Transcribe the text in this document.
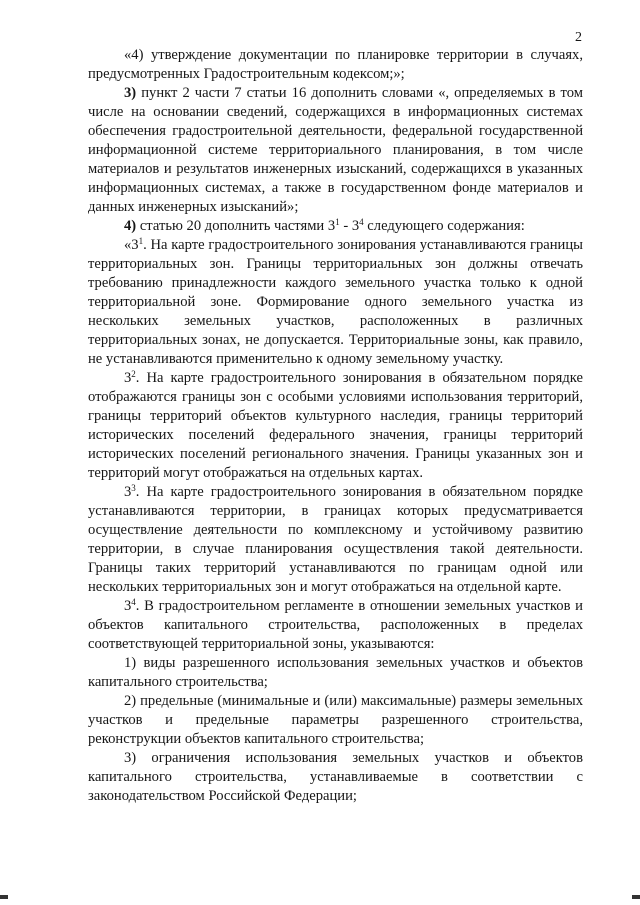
2

«4) утверждение документации по планировке территории в случаях, предусмотренных Градостроительным кодексом;»;

3) пункт 2 части 7 статьи 16 дополнить словами «, определяемых в том числе на основании сведений, содержащихся в информационных системах обеспечения градостроительной деятельности, федеральной государственной информационной системе территориального планирования, в том числе материалов и результатов инженерных изысканий, содержащихся в указанных информационных системах, а также в государственном фонде материалов и данных инженерных изысканий»;

4) статью 20 дополнить частями $3^1 - 3^4$ следующего содержания:

«$3^1$. На карте градостроительного зонирования устанавливаются границы территориальных зон. Границы территориальных зон должны отвечать требованию принадлежности каждого земельного участка только к одной территориальной зоне. Формирование одного земельного участка из нескольких земельных участков, расположенных в различных территориальных зонах, не допускается. Территориальные зоны, как правило, не устанавливаются применительно к одному земельному участку.

$3^2$. На карте градостроительного зонирования в обязательном порядке отображаются границы зон с особыми условиями использования территорий, границы территорий объектов культурного наследия, границы территорий исторических поселений федерального значения, границы территорий исторических поселений регионального значения. Границы указанных зон и территорий могут отображаться на отдельных картах.

$3^3$. На карте градостроительного зонирования в обязательном порядке устанавливаются территории, в границах которых предусматривается осуществление деятельности по комплексному и устойчивому развитию территории, в случае планирования осуществления такой деятельности. Границы таких территорий устанавливаются по границам одной или нескольких территориальных зон и могут отображаться на отдельной карте.

$3^4$. В градостроительном регламенте в отношении земельных участков и объектов капитального строительства, расположенных в пределах соответствующей территориальной зоны, указываются:

1) виды разрешенного использования земельных участков и объектов капитального строительства;

2) предельные (минимальные и (или) максимальные) размеры земельных участков и предельные параметры разрешенного строительства, реконструкции объектов капитального строительства;

3) ограничения использования земельных участков и объектов капитального строительства, устанавливаемые в соответствии с законодательством Российской Федерации;
